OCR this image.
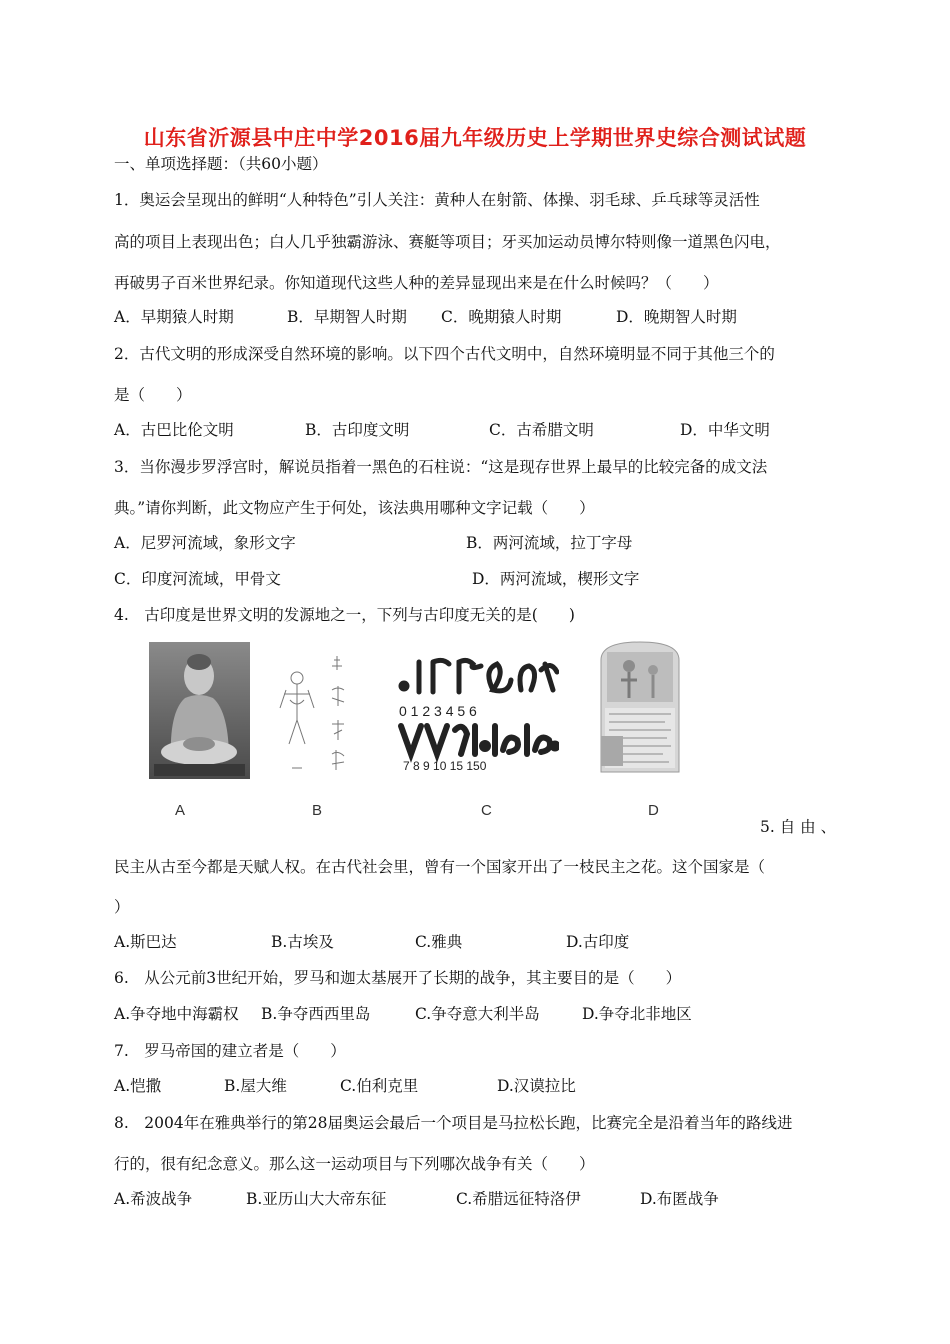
山东省沂源县中庄中学2016届九年级历史上学期世界史综合测试试题
一、单项选择题：（共60小题）
1．奥运会呈现出的鲜明“人种特色”引人关注：黄种人在射箭、体操、羽毛球、乒乓球等灵活性
高的项目上表现出色；白人几乎独霸游泳、赛艇等项目；牙买加运动员博尔特则像一道黑色闪电，
再破男子百米世界纪录。你知道现代这些人种的差异显现出来是在什么时候吗？（　　）
A．早期猿人时期	B．早期智人时期 C．晚期猿人时期	D．晚期智人时期
2．古代文明的形成深受自然环境的影响。以下四个古代文明中，自然环境明显不同于其他三个的
是（　　）
A．古巴比伦文明	B．古印度文明	C．古希腊文明	D．中华文明
3．当你漫步罗浮宫时，解说员指着一黑色的石柱说：“这是现存世界上最早的比较完备的成文法
典。”请你判断，此文物应产生于何处，该法典用哪种文字记载（　　）
A．尼罗河流域，象形文字	B．两河流域，拉丁字母
C．印度河流域，甲骨文	D．两河流域，楔形文字
4.　古印度是世界文明的发源地之一，下列与古印度无关的是(　　)
A	B
0 1 2 3 4 5 6
7 8 9 10 15 150
C	D
5. 自 由 、
民主从古至今都是天赋人权。在古代社会里，曾有一个国家开出了一枝民主之花。这个国家是（
）
A.斯巴达	B.古埃及	C.雅典	D.古印度
6.　从公元前3世纪开始，罗马和迦太基展开了长期的战争，其主要目的是（　　）
A.争夺地中海霸权 B.争夺西西里岛	C.争夺意大利半岛	D.争夺北非地区
7.　罗马帝国的建立者是（　　）
A.恺撒	B.屋大维	C.伯利克里	D.汉谟拉比
8.　2004年在雅典举行的第28届奥运会最后一个项目是马拉松长跑，比赛完全是沿着当年的路线进
行的，很有纪念意义。那么这一运动项目与下列哪次战争有关（　　）
A.希波战争	B.亚历山大大帝东征	C.希腊远征特洛伊	D.布匿战争
